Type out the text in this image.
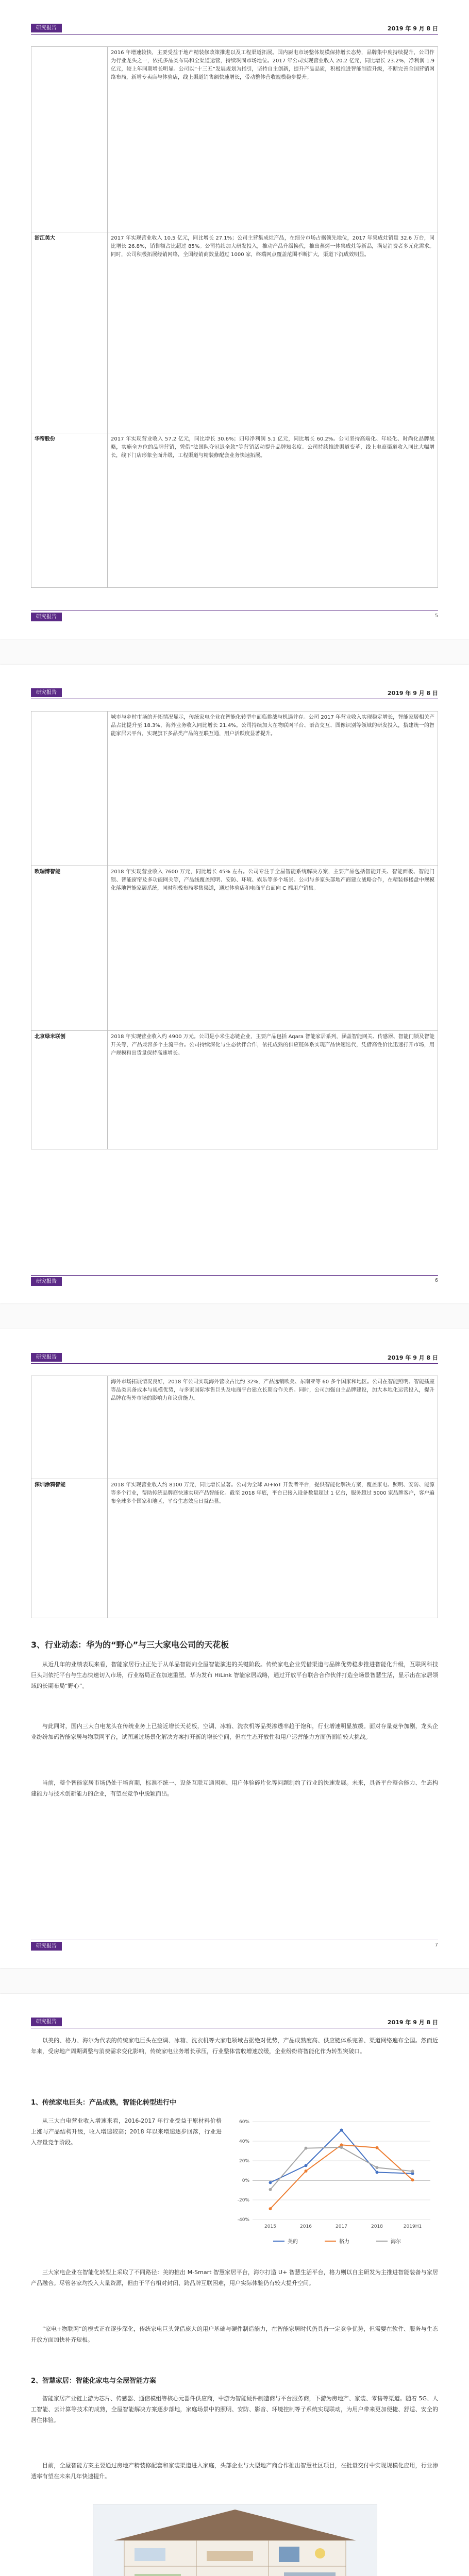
研究报告	2019 年 9 月 8 日
	2016 年增速较快，主要受益于地产精装修政策推进以及工程渠道拓展。国内厨电市场整体规模保持增长态势，品牌集中度持续提升，公司作为行业龙头之一，依托多品类布局和全渠道运营，持续巩固市场地位。2017 年公司实现营业收入 20.2 亿元，同比增长 23.2%，净利润 1.9 亿元，较上年同期增长明显。公司以“十三五”发展规划为指引，坚持自主创新，提升产品品质，积极推进智能制造升级，不断完善全国营销网络布局，新增专卖店与体验店，线上渠道销售额快速增长，带动整体营收规模稳步提升。
浙江美大	2017 年实现营业收入 10.5 亿元，同比增长 27.1%；公司主营集成灶产品，在细分市场占据领先地位，2017 年集成灶销量 32.6 万台，同比增长 26.8%，销售额占比超过 85%。公司持续加大研发投入，推动产品升级换代，推出蒸烤一体集成灶等新品，满足消费者多元化需求。同时，公司积极拓展经销网络，全国经销商数量超过 1000 家，终端网点覆盖范围不断扩大，渠道下沉成效明显。
华帝股份	2017 年实现营业收入 57.2 亿元，同比增长 30.6%；归母净利润 5.1 亿元，同比增长 60.2%。公司坚持高端化、年轻化、时尚化品牌战略，实施全方位的品牌营销，凭借“法国队夺冠退全款”等营销活动提升品牌知名度。公司持续推进渠道变革，线上电商渠道收入同比大幅增长，线下门店形象全面升级，工程渠道与精装修配套业务快速拓展。
研究报告	5
研究报告	2019 年 9 月 8 日
	城市与乡村市场的开拓情况显示，传统家电企业在智能化转型中面临挑战与机遇并存。公司 2017 年营业收入实现稳定增长，智能家居相关产品占比提升至 18.3%，海外业务收入同比增长 21.4%。公司持续加大在物联网平台、语音交互、图像识别等领域的研发投入，搭建统一的智能家居云平台，实现旗下多品类产品的互联互通，用户活跃度显著提升。
欧瑞博智能	2018 年实现营业收入 7600 万元，同比增长 45% 左右。公司专注于全屋智能系统解决方案，主要产品包括智能开关、智能面板、智能门锁、智能窗帘及多功能网关等，产品线覆盖照明、安防、环境、娱乐等多个场景。公司与多家头部地产商建立战略合作，在精装修楼盘中规模化落地智能家居系统，同时积极布局零售渠道，通过体验店和电商平台面向 C 端用户销售。
北京绿米联创	2018 年实现营业收入约 4900 万元。公司是小米生态链企业，主要产品包括 Aqara 智能家居系列，涵盖智能网关、传感器、智能门锁及智能开关等，产品兼容多个主流平台。公司持续深化与生态伙伴合作，依托成熟的供应链体系实现产品快速迭代，凭借高性价比迅速打开市场，用户规模和出货量保持高速增长。
研究报告	6
研究报告	2019 年 9 月 8 日
	海外市场拓展情况良好，2018 年公司实现海外营收占比约 32%，产品远销欧美、东南亚等 60 多个国家和地区。公司在智能照明、智能插座等品类具备成本与规模优势，与多家国际零售巨头及电商平台建立长期合作关系。同时，公司加强自主品牌建设，加大本地化运营投入，提升品牌在海外市场的影响力和议价能力。
深圳涂鸦智能	2018 年实现营业收入约 8100 万元，同比增长显著。公司为全球 AI+IoT 开发者平台，提供智能化解决方案，覆盖家电、照明、安防、能源等多个行业，帮助传统品牌商快速实现产品智能化。截至 2018 年底，平台已接入设备数量超过 1 亿台，服务超过 5000 家品牌客户，客户遍布全球多个国家和地区，平台生态效应日益凸显。
3、行业动态：华为的“野心”与三大家电公司的天花板

从近几年的业绩表现来看，智能家居行业正处于从单品智能向全屋智能演进的关键阶段。传统家电企业凭借渠道与品牌优势稳步推进智能化升级，互联网科技巨头则依托平台与生态快速切入市场，行业格局正在加速重塑。华为发布 HiLink 智能家居战略，通过开放平台联合合作伙伴打造全场景智慧生活，显示出在家居领域的长期布局“野心”。

与此同时，国内三大白电龙头在传统业务上已接近增长天花板，空调、冰箱、洗衣机等品类渗透率趋于饱和，行业增速明显放缓。面对存量竞争加剧，龙头企业纷纷加码智能家居与物联网平台，试图通过场景化解决方案打开新的增长空间，但在生态开放性和用户运营能力方面仍面临较大挑战。

当前，整个智能家居市场仍处于培育期，标准不统一、设备互联互通困难、用户体验碎片化等问题制约了行业的快速发展。未来，具备平台整合能力、生态构建能力与技术创新能力的企业，有望在竞争中脱颖而出。

研究报告	7
研究报告	2019 年 9 月 8 日

以美的、格力、海尔为代表的传统家电巨头在空调、冰箱、洗衣机等大家电领域占据绝对优势，产品成熟度高、供应链体系完善、渠道网络遍布全国。然而近年来，受房地产周期调整与消费需求变化影响，传统家电业务增长承压，行业整体营收增速放缓，企业纷纷将智能化作为转型突破口。

1、传统家电巨头：产品成熟，智能化转型进行中

从三大白电营业收入增速来看，2016-2017 年行业受益于原材料价格上涨与产品结构升级，收入增速较高；2018 年以来增速逐步回落，行业进入存量竞争阶段。

-40%
-20%
0%
20%
40%
60%
2015	2016	2017	2018	2019H1
美的	格力	海尔

三大家电企业在智能化转型上采取了不同路径：美的推出 M-Smart 智慧家居平台，海尔打造 U+ 智慧生活平台，格力则以自主研发为主推进智能装备与家居产品融合。尽管各家均投入大量资源，但由于平台相对封闭、跨品牌互联困难，用户实际体验仍有较大提升空间。

“家电+物联网”的模式正在逐步深化，传统家电巨头凭借庞大的用户基础与硬件制造能力，在智能家居时代仍具备一定竞争优势，但需要在软件、服务与生态开放方面加快补齐短板。

2、智慧家居：智能化家电与全屋智能方案

智能家居产业链上游为芯片、传感器、通信模组等核心元器件供应商，中游为智能硬件制造商与平台服务商，下游为房地产、家装、零售等渠道。随着 5G、人工智能、云计算等技术的成熟，全屋智能解决方案逐步落地，家庭场景中的照明、安防、影音、环境控制等子系统实现联动，为用户带来更加便捷、舒适、安全的居住体验。

目前，全屋智能方案主要通过房地产精装修配套和家装渠道进入家庭，头部企业与大型地产商合作推出智慧社区项目，在批量交付中实现规模化应用，行业渗透率有望在未来几年快速提升。
